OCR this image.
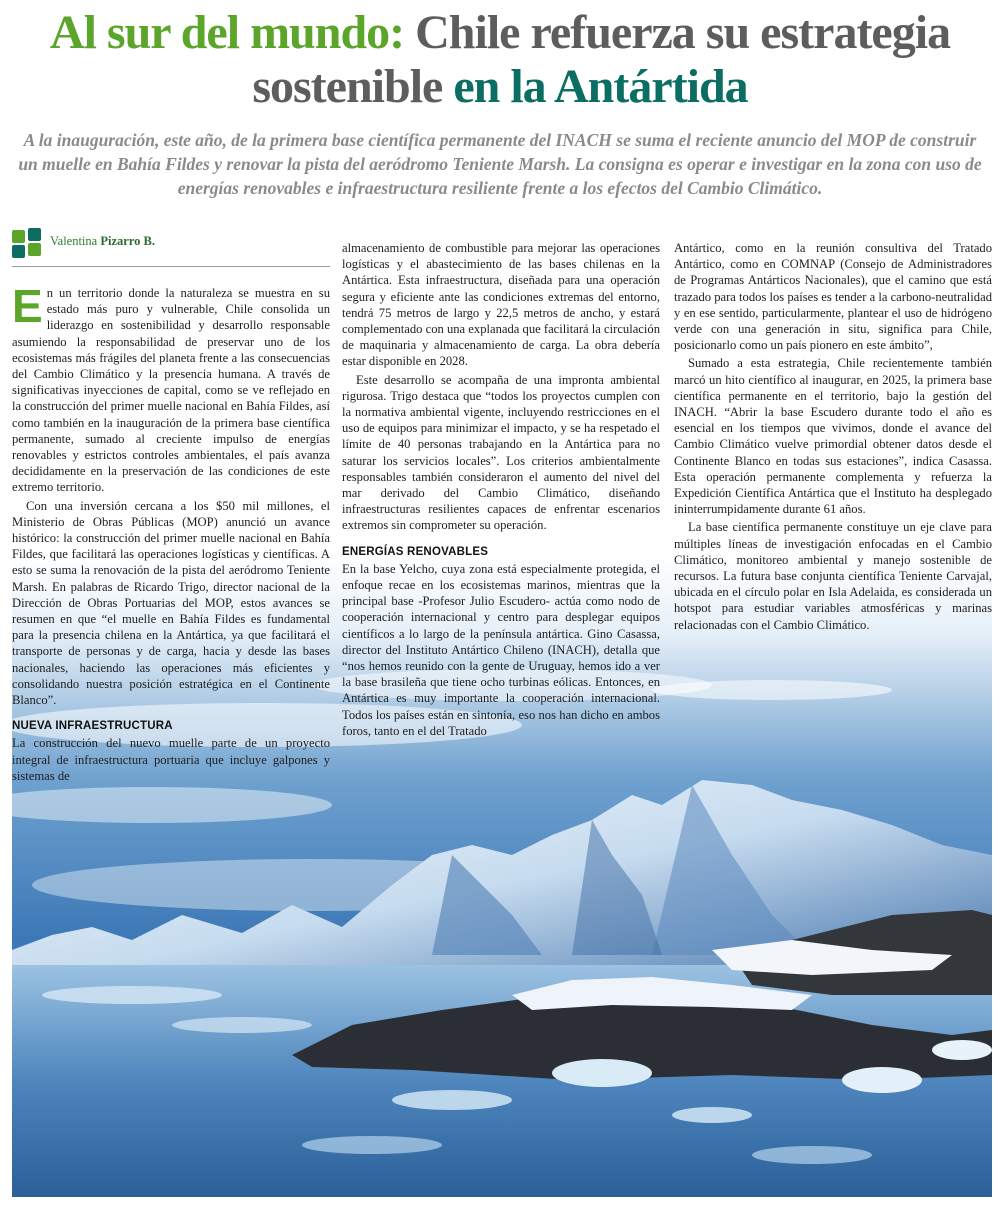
Al sur del mundo: Chile refuerza su estrategia sostenible en la Antártida

A la inauguración, este año, de la primera base científica permanente del INACH se suma el reciente anuncio del MOP de construir un muelle en Bahía Fildes y renovar la pista del aeródromo Teniente Marsh. La consigna es operar e investigar en la zona con uso de energías renovables e infraestructura resiliente frente a los efectos del Cambio Climático.

Valentina Pizarro B.

En un territorio donde la naturaleza se muestra en su estado más puro y vulnerable, Chile consolida un liderazgo en sostenibilidad y desarrollo responsable asumiendo la responsabilidad de preservar uno de los ecosistemas más frágiles del planeta frente a las consecuencias del Cambio Climático y la presencia humana. A través de significativas inyecciones de capital, como se ve reflejado en la construcción del primer muelle nacional en Bahía Fildes, así como también en la inauguración de la primera base científica permanente, sumado al creciente impulso de energías renovables y estrictos controles ambientales, el país avanza decididamente en la preservación de las condiciones de este extremo territorio.

Con una inversión cercana a los $50 mil millones, el Ministerio de Obras Públicas (MOP) anunció un avance histórico: la construcción del primer muelle nacional en Bahía Fildes, que facilitará las operaciones logísticas y científicas. A esto se suma la renovación de la pista del aeródromo Teniente Marsh. En palabras de Ricardo Trigo, director nacional de la Dirección de Obras Portuarias del MOP, estos avances se resumen en que “el muelle en Bahía Fildes es fundamental para la presencia chilena en la Antártica, ya que facilitará el transporte de personas y de carga, hacia y desde las bases nacionales, haciendo las operaciones más eficientes y consolidando nuestra posición estratégica en el Continente Blanco”.

NUEVA INFRAESTRUCTURA

La construcción del nuevo muelle parte de un proyecto integral de infraestructura portuaria que incluye galpones y sistemas de

almacenamiento de combustible para mejorar las operaciones logísticas y el abastecimiento de las bases chilenas en la Antártica. Esta infraestructura, diseñada para una operación segura y eficiente ante las condiciones extremas del entorno, tendrá 75 metros de largo y 22,5 metros de ancho, y estará complementado con una explanada que facilitará la circulación de maquinaria y almacenamiento de carga. La obra debería estar disponible en 2028.

Este desarrollo se acompaña de una impronta ambiental rigurosa. Trigo destaca que “todos los proyectos cumplen con la normativa ambiental vigente, incluyendo restricciones en el uso de equipos para minimizar el impacto, y se ha respetado el límite de 40 personas trabajando en la Antártica para no saturar los servicios locales”. Los criterios ambientalmente responsables también consideraron el aumento del nivel del mar derivado del Cambio Climático, diseñando infraestructuras resilientes capaces de enfrentar escenarios extremos sin comprometer su operación.

ENERGÍAS RENOVABLES

En la base Yelcho, cuya zona está especialmente protegida, el enfoque recae en los ecosistemas marinos, mientras que la principal base -Profesor Julio Escudero- actúa como nodo de cooperación internacional y centro para desplegar equipos científicos a lo largo de la península antártica. Gino Casassa, director del Instituto Antártico Chileno (INACH), detalla que “nos hemos reunido con la gente de Uruguay, hemos ido a ver la base brasileña que tiene ocho turbinas eólicas. Entonces, en Antártica es muy importante la cooperación internacional. Todos los países están en sintonía, eso nos han dicho en ambos foros, tanto en el del Tratado

Antártico, como en la reunión consultiva del Tratado Antártico, como en COMNAP (Consejo de Administradores de Programas Antárticos Nacionales), que el camino que está trazado para todos los países es tender a la carbono-neutralidad y en ese sentido, particularmente, plantear el uso de hidrógeno verde con una generación in situ, significa para Chile, posicionarlo como un país pionero en este ámbito”,

Sumado a esta estrategia, Chile recientemente también marcó un hito científico al inaugurar, en 2025, la primera base científica permanente en el territorio, bajo la gestión del INACH. “Abrir la base Escudero durante todo el año es esencial en los tiempos que vivimos, donde el avance del Cambio Climático vuelve primordial obtener datos desde el Continente Blanco en todas sus estaciones”, indica Casassa. Esta operación permanente complementa y refuerza la Expedición Científica Antártica que el Instituto ha desplegado ininterrumpidamente durante 61 años.

La base científica permanente constituye un eje clave para múltiples líneas de investigación enfocadas en el Cambio Climático, monitoreo ambiental y manejo sostenible de recursos. La futura base conjunta científica Teniente Carvajal, ubicada en el círculo polar en Isla Adelaida, es considerada un hotspot para estudiar variables atmosféricas y marinas relacionadas con el Cambio Climático.
